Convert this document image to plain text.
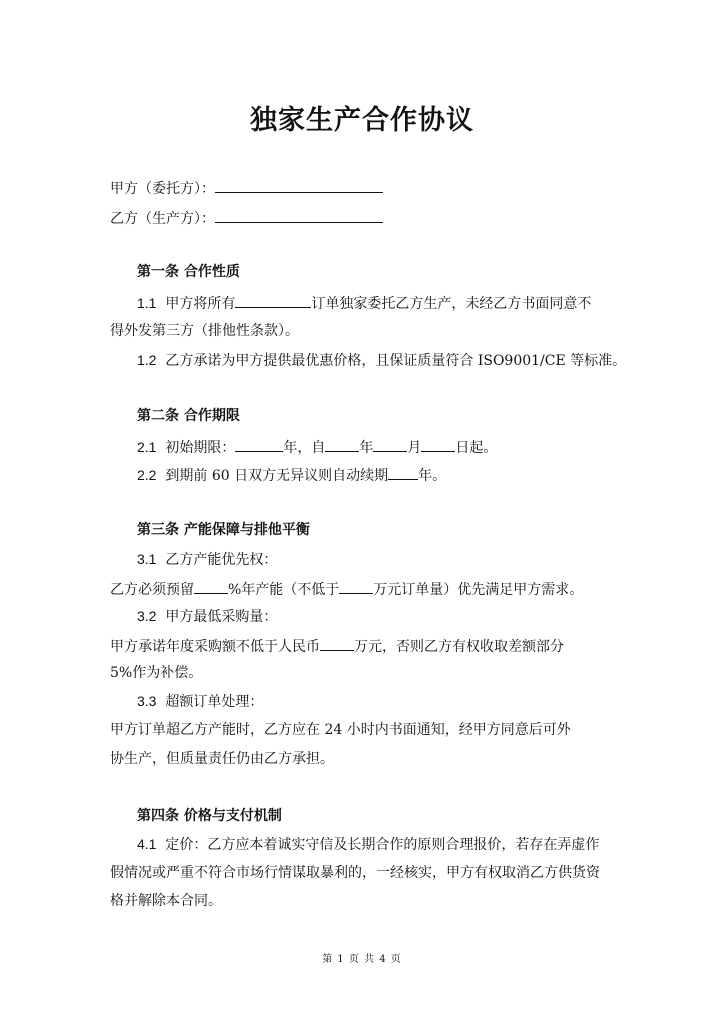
独家生产合作协议
甲方（委托方）：
乙方（生产方）：
第一条 合作性质
1.1 甲方将所有	订单独家委托乙方生产，未经乙方书面同意不
得外发第三方（排他性条款）。
1.2 乙方承诺为甲方提供最优惠价格，且保证质量符合 ISO9001/CE 等标准。
第二条 合作期限
2.1 初始期限：	年，自 年 月 日起。
2.2 到期前 60 日双方无异议则自动续期 年。
第三条 产能保障与排他平衡
3.1 乙方产能优先权：
乙方必须预留 %年产能（不低于 万元订单量）优先满足甲方需求。
3.2 甲方最低采购量：
甲方承诺年度采购额不低于人民币 万元，否则乙方有权收取差额部分
5%作为补偿。
3.3 超额订单处理：
甲方订单超乙方产能时，乙方应在 24 小时内书面通知，经甲方同意后可外
协生产，但质量责任仍由乙方承担。
第四条 价格与支付机制
4.1 定价：乙方应本着诚实守信及长期合作的原则合理报价，若存在弄虚作
假情况或严重不符合市场行情谋取暴利的，一经核实，甲方有权取消乙方供货资
格并解除本合同。
第 1 页 共 4 页
